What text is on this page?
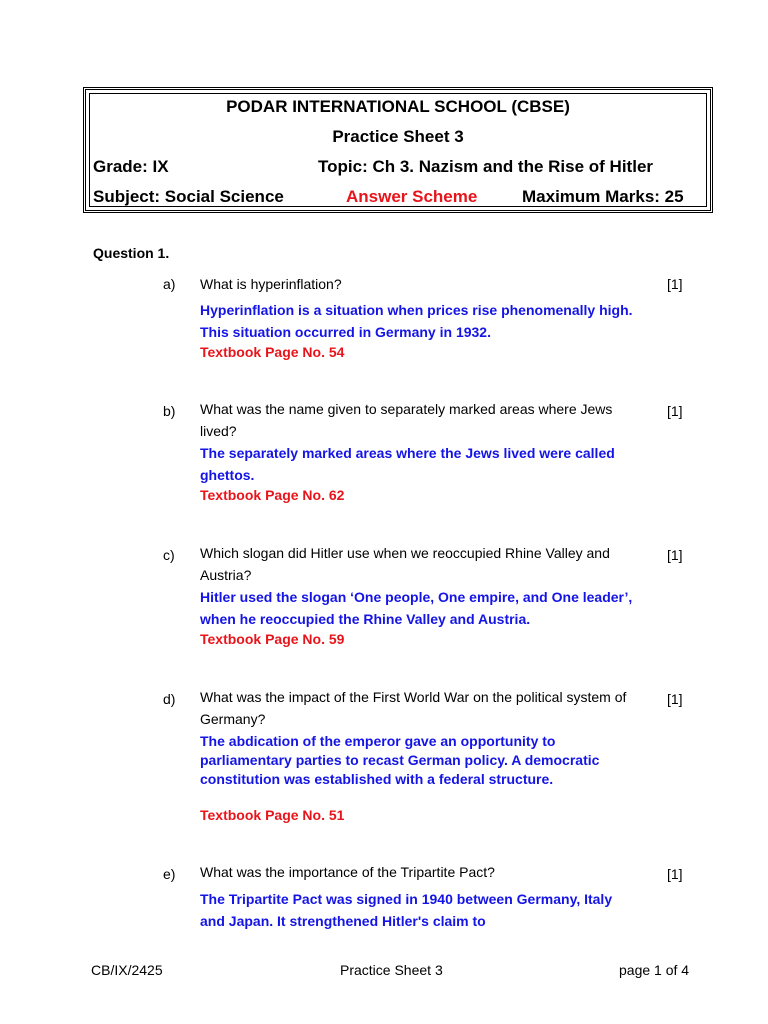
PODAR INTERNATIONAL SCHOOL (CBSE)
Practice Sheet 3
Grade: IX	Topic: Ch 3. Nazism and the Rise of Hitler
Subject: Social Science	Answer Scheme	Maximum Marks: 25
Question 1.
a) What is hyperinflation?	[1]
Hyperinflation is a situation when prices rise phenomenally high. This situation occurred in Germany in 1932.
Textbook Page No. 54
b) What was the name given to separately marked areas where Jews lived?
[1]
The separately marked areas where the Jews lived were called ghettos.
Textbook Page No. 62
c) Which slogan did Hitler use when we reoccupied Rhine Valley and Austria?
[1]
Hitler used the slogan ‘One people, One empire, and One leader’, when he reoccupied the Rhine Valley and Austria.
Textbook Page No. 59
d) What was the impact of the First World War on the political system of Germany?
[1]
The abdication of the emperor gave an opportunity to parliamentary parties to recast German policy. A democratic constitution was established with a federal structure.
Textbook Page No. 51
e) What was the importance of the Tripartite Pact?	[1]
The Tripartite Pact was signed in 1940 between Germany, Italy and Japan. It strengthened Hitler's claim to
CB/IX/2425	Practice Sheet 3	page 1 of 4
